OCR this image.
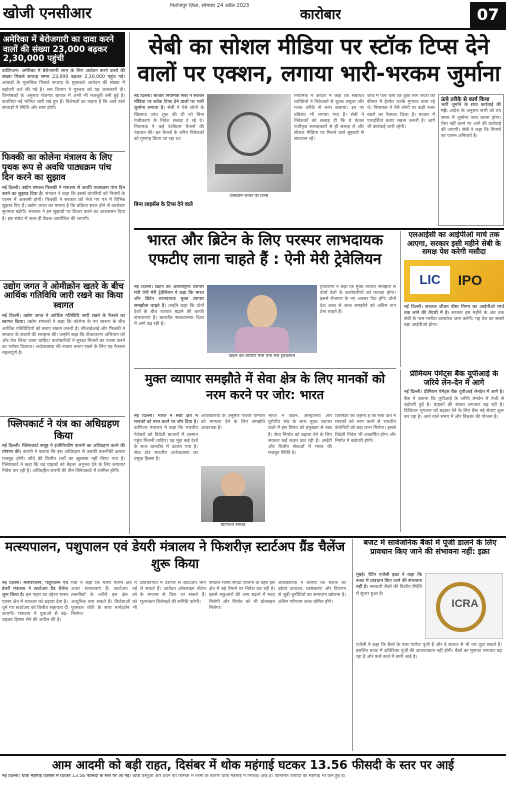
खोजी एनसीआर	फिरोजपुर ज़िला, सोमवार 24 अप्रैल 2023
कारोबार	07
अमेरिका में बेरोजगारी का दावा करने वालों की संख्या 23,000 बढ़कर 2,30,000 पहुंची
वाशिंगटन। अमेरिका में बेरोजगारी लाभ के लिए आवेदन करने वालों की संख्या पिछले सप्ताह समय 23,000 बढ़कर 2,30,000 पहुंच गई। आंकड़ों के मुताबिक पिछले सप्ताह के मुकाबले आवेदन की संख्या में बढ़ोतरी दर्ज की गई है। श्रम विभाग ने गुरुवार को यह जानकारी दी। विश्लेषकों के अनुसार रोजगार बाजार में अभी भी मजबूती बनी हुई है। कंपनियां नई भर्तियां जारी रखे हुए हैं। विशेषज्ञों का कहना है कि आने वाले सप्ताहों में स्थिति और स्पष्ट होगी।
फिक्की का कोलेना मंत्रालय के लिए पृथक रूप से अवधि पाठ्यक्रम पांच दिन करने का सुझाव
नई दिल्ली। उद्योग संगठन फिक्की ने मंत्रालय से अवधि पाठ्यक्रम पांच दिन करने का सुझाव दिया है। संगठन ने कहा कि इससे कंपनियों को नियमों के पालन में आसानी होगी। फिक्की ने सरकार को भेजे गए पत्र में विभिन्न सुझाव दिए हैं। उद्योग जगत का मानना है कि प्रक्रिया सरल होने से कारोबार सुगमता बढ़ेगी। मंत्रालय ने इन सुझावों पर विचार करने का आश्वासन दिया है। इस संबंध में जल्द ही बैठक आयोजित की जाएगी।
उद्योग जगत ने ओमीक्रोन खतरे के बीच आर्थिक गतिविधि जारी रखने का किया स्वागत
नई दिल्ली। उद्योग जगत ने आर्थिक गतिविधि जारी रखने के फैसले का स्वागत किया। उद्योग संगठनों ने कहा कि कोरोना के नए स्वरूप के बीच आर्थिक गतिविधियों को बनाए रखना जरूरी है। सीआईआई और फिक्की ने सरकार के कदमों की सराहना की। उन्होंने कहा कि टीकाकरण अभियान को और तेज किया जाना चाहिए। कारोबारियों ने सुरक्षा नियमों का पालन करने का भरोसा दिलाया। अर्थव्यवस्था की रफ्तार बनाए रखने के लिए यह फैसला महत्वपूर्ण है।
फ्लिपकार्ट ने यंत्र का अधिग्रहण किया
नई दिल्ली। फ्लिपकार्ट समूह ने इंजीनियरिंग कंपनी का अधिग्रहण करने की घोषणा की। कंपनी ने बताया कि इस अधिग्रहण से उसकी तकनीकी क्षमता मजबूत होगी। सौदे की वित्तीय शर्तों का खुलासा नहीं किया गया है। फ्लिपकार्ट ने कहा कि वह ग्राहकों को बेहतर अनुभव देने के लिए लगातार निवेश कर रही है। अधिग्रहीत कंपनी की टीम फ्लिपकार्ट में शामिल होगी।
सेबी का सोशल मीडिया पर स्टॉक टिप्स देने वालों पर एक्शन, लगाया भारी-भरकम जुर्माना
नई दिल्ली। बाजार नियामक सेबी ने सोशल मीडिया पर स्टॉक टिप्स देने वालों पर भारी जुर्माना लगाया है। सेबी ने ऐसे लोगों के खिलाफ जांच शुरू की थी जो बिना पंजीकरण के निवेश सलाह दे रहे थे। नियामक ने कई टेलीग्राम चैनलों की पहचान की। इन चैनलों के जरिए निवेशकों को गुमराह किया जा रहा था।
बिना लाइसेंस के टिप्स देने वाले
टेलीग्राम चैनल पर टिप्स
नियामक ने आदेश में कहा कि संबंधित व्यक्तियों ने निवेशकों से शुल्क वसूला और गलत तरीके से लाभ कमाया। इन पर प्रतिबंध भी लगाया गया है। सेबी ने निवेशकों को सलाह दी कि वे केवल पंजीकृत सलाहकारों से ही सलाह लें और सोशल मीडिया पर मिलने वाले सुझावों से सावधान रहें।
जांच में पता चला कि कुछ लोग शेयरों की कीमत में हेरफेर करके मुनाफा कमा रहे थे। नियामक ने ऐसे लोगों पर कड़ी नजर रखने का फैसला किया है। बाजार में पारदर्शिता बनाए रखना जरूरी है। आगे भी कार्रवाई जारी रहेगी।
ऊंचे तरीके से कार्य किया
भारी जुर्माने के साथ कार्रवाई की गई। आदेश के अनुसार सभी को तय समय में जुर्माना जमा करना होगा। ऐसा नहीं करने पर आगे की कार्रवाई की जाएगी। सेबी ने कहा कि नियमों का पालन अनिवार्य है।
भारत और ब्रिटेन के लिए परस्पर लाभदायक एफटीए लाना चाहते हैं : ऐनी मेरी ट्रेवेलियन
नई दिल्ली। ब्रिटेन की अंतरराष्ट्रीय व्यापार मंत्री ऐनी मेरी ट्रेवेलियन ने कहा कि भारत और ब्रिटेन लाभदायक मुक्त व्यापार समझौता चाहते हैं। उन्होंने कहा कि दोनों देशों के बीच व्यापार बढ़ाने की काफी संभावनाएं हैं। बातचीत सकारात्मक दिशा में आगे बढ़ रही है।
ब्रिटेन की व्यापार मंत्री ऐनी मेरी ट्रेवेलियन
ट्रेवेलियन ने कहा कि मुक्त व्यापार समझौते से दोनों देशों के कारोबारियों को फायदा होगा। इससे रोजगार के नए अवसर पैदा होंगे। दोनों देश जल्द से जल्द समझौते को अंतिम रूप देना चाहते हैं।
एलआईसी का आईपीओ मार्च तक आएगा, सरकार इसी महीने सेबी के समक्ष पेश करेगी मसौदा
LIC	IPO
नई दिल्ली। सरकार जीवन बीमा निगम का आईपीओ मार्च तक लाने की तैयारी में है। सरकार इस महीने के अंत तक सेबी के पास मसौदा दस्तावेज जमा करेगी। यह देश का सबसे बड़ा आईपीओ होगा।
मुक्त व्यापार समझौते में सेवा क्षेत्र के लिए मानकों को नरम करने पर जोर: भारत
नई दिल्ली। भारत ने सेवा क्षेत्र में मानकों को नरम करने पर जोर दिया है। वाणिज्य मंत्रालय ने कहा कि भारतीय पेशेवरों को विदेशी बाजारों में आसान पहुंच मिलनी चाहिए। यह मुद्दा कई देशों के साथ बातचीत में उठाया गया है। सेवा क्षेत्र भारतीय अर्थव्यवस्था का प्रमुख हिस्सा है।
अधिकारियों के अनुसार पेशेवर योग्यता को मान्यता देने के लिए समझौते आवश्यक हैं।
वाणिज्य सचिव
भारत ने ब्रिटेन, ऑस्ट्रेलिया और यूरोपीय संघ के साथ मुक्त व्यापार वार्ता में इस विषय को प्रमुखता से रखा है। सेवा निर्यात को बढ़ावा देने के लिए सरकार कई कदम उठा रही है। आईटी और वित्तीय सेवाओं में भारत की मजबूत स्थिति है।
विशेषज्ञों का कहना है कि सेवा क्षेत्र में मानकों को नरम करने से भारतीय कंपनियों को बड़ा लाभ मिलेगा। इससे विदेशी निवेश भी आकर्षित होगा और निर्यात में बढ़ोतरी होगी।
प्रीमियम पेमेंट्स बैंक यूपीआई के जरिये लेन-देन में आगे
नई दिल्ली। प्रीमियम पेमेंट्स बैंक यूपीआई लेनदेन में आगे है। बैंक ने बताया कि यूपीआई के जरिये लेनदेन में तेजी से बढ़ोतरी हुई है। ग्राहकों की संख्या लगातार बढ़ रही है। डिजिटल भुगतान को बढ़ावा देने के लिए बैंक नई सेवाएं शुरू कर रहा है। आने वाले समय में और विस्तार की योजना है।
मत्स्यपालन, पशुपालन एवं डेयरी मंत्रालय ने फिशरीज़ स्टार्टअप ग्रैंड चैलेंज शुरू किया
नई दिल्ली। मत्स्यपालन, पशुपालन एवं डेयरी मंत्रालय ने स्टार्टअप ग्रैंड चैलेंज शुरू किया है। इस पहल का उद्देश्य मत्स्य पालन क्षेत्र में नवाचार को बढ़ावा देना है। चुने गए स्टार्टअप को वित्तीय सहायता दी जाएगी। मंत्रालय ने युवाओं से बढ़-चढ़कर हिस्सा लेने की अपील की है।
मंत्री ने कहा कि मत्स्य पालन क्षेत्र में अपार संभावनाएं हैं। स्टार्टअप नई तकनीकों के जरिये इस क्षेत्र को आधुनिक बना सकते हैं। विजेताओं को पुरस्कार राशि के साथ मार्गदर्शन भी मिलेगा।
प्रतियोगिता में देशभर से स्टार्टअप भाग ले सकते हैं। आवेदन ऑनलाइन पोर्टल के माध्यम से किए जा सकते हैं। मूल्यांकन विशेषज्ञों की समिति करेगी।
सरकार मत्स्य संपदा योजना के तहत इस क्षेत्र में बड़े पैमाने पर निवेश कर रही है। इससे मछुआरों की आय बढ़ाने में मदद मिलेगी और निर्यात को भी प्रोत्साहन मिलेगा।
अधिकारियों ने बताया कि चैलेंज का उद्देश्य उत्पादन, प्रसंस्करण और विपणन से जुड़ी चुनौतियों का समाधान खोजना है। अंतिम परिणाम जल्द घोषित होंगे।
बजट में सार्वजनिक बैंकों में पूंजी डालने के लिए प्रावधान किए जाने की संभावना नहीं: इक्रा
मुंबई। रेटिंग एजेंसी इक्रा ने कहा कि बजट में प्रावधान किए जाने की संभावना नहीं है। सरकारी बैंकों की वित्तीय स्थिति में सुधार हुआ है।
ICRA
एजेंसी ने कहा कि बैंकों के पास पर्याप्त पूंजी है और वे बाजार से भी धन जुटा सकते हैं। इसलिए बजट में अतिरिक्त पूंजी की आवश्यकता नहीं होगी। बैंकों का मुनाफा लगातार बढ़ रहा है और फंसे कर्ज में कमी आई है।
आम आदमी को बड़ी राहत, दिसंबर में थोक महंगाई घटकर 13.56 फीसदी के स्तर पर आई
नई दिल्ली। थोक महंगाई दिसंबर में घटकर 13.56 फीसदी के स्तर पर आ गई। खाद्य वस्तुओं और ईंधन की कीमतों में नरमी के कारण थोक महंगाई में गिरावट आई है। विनिर्मित उत्पादों की महंगाई भी कम हुई है।
